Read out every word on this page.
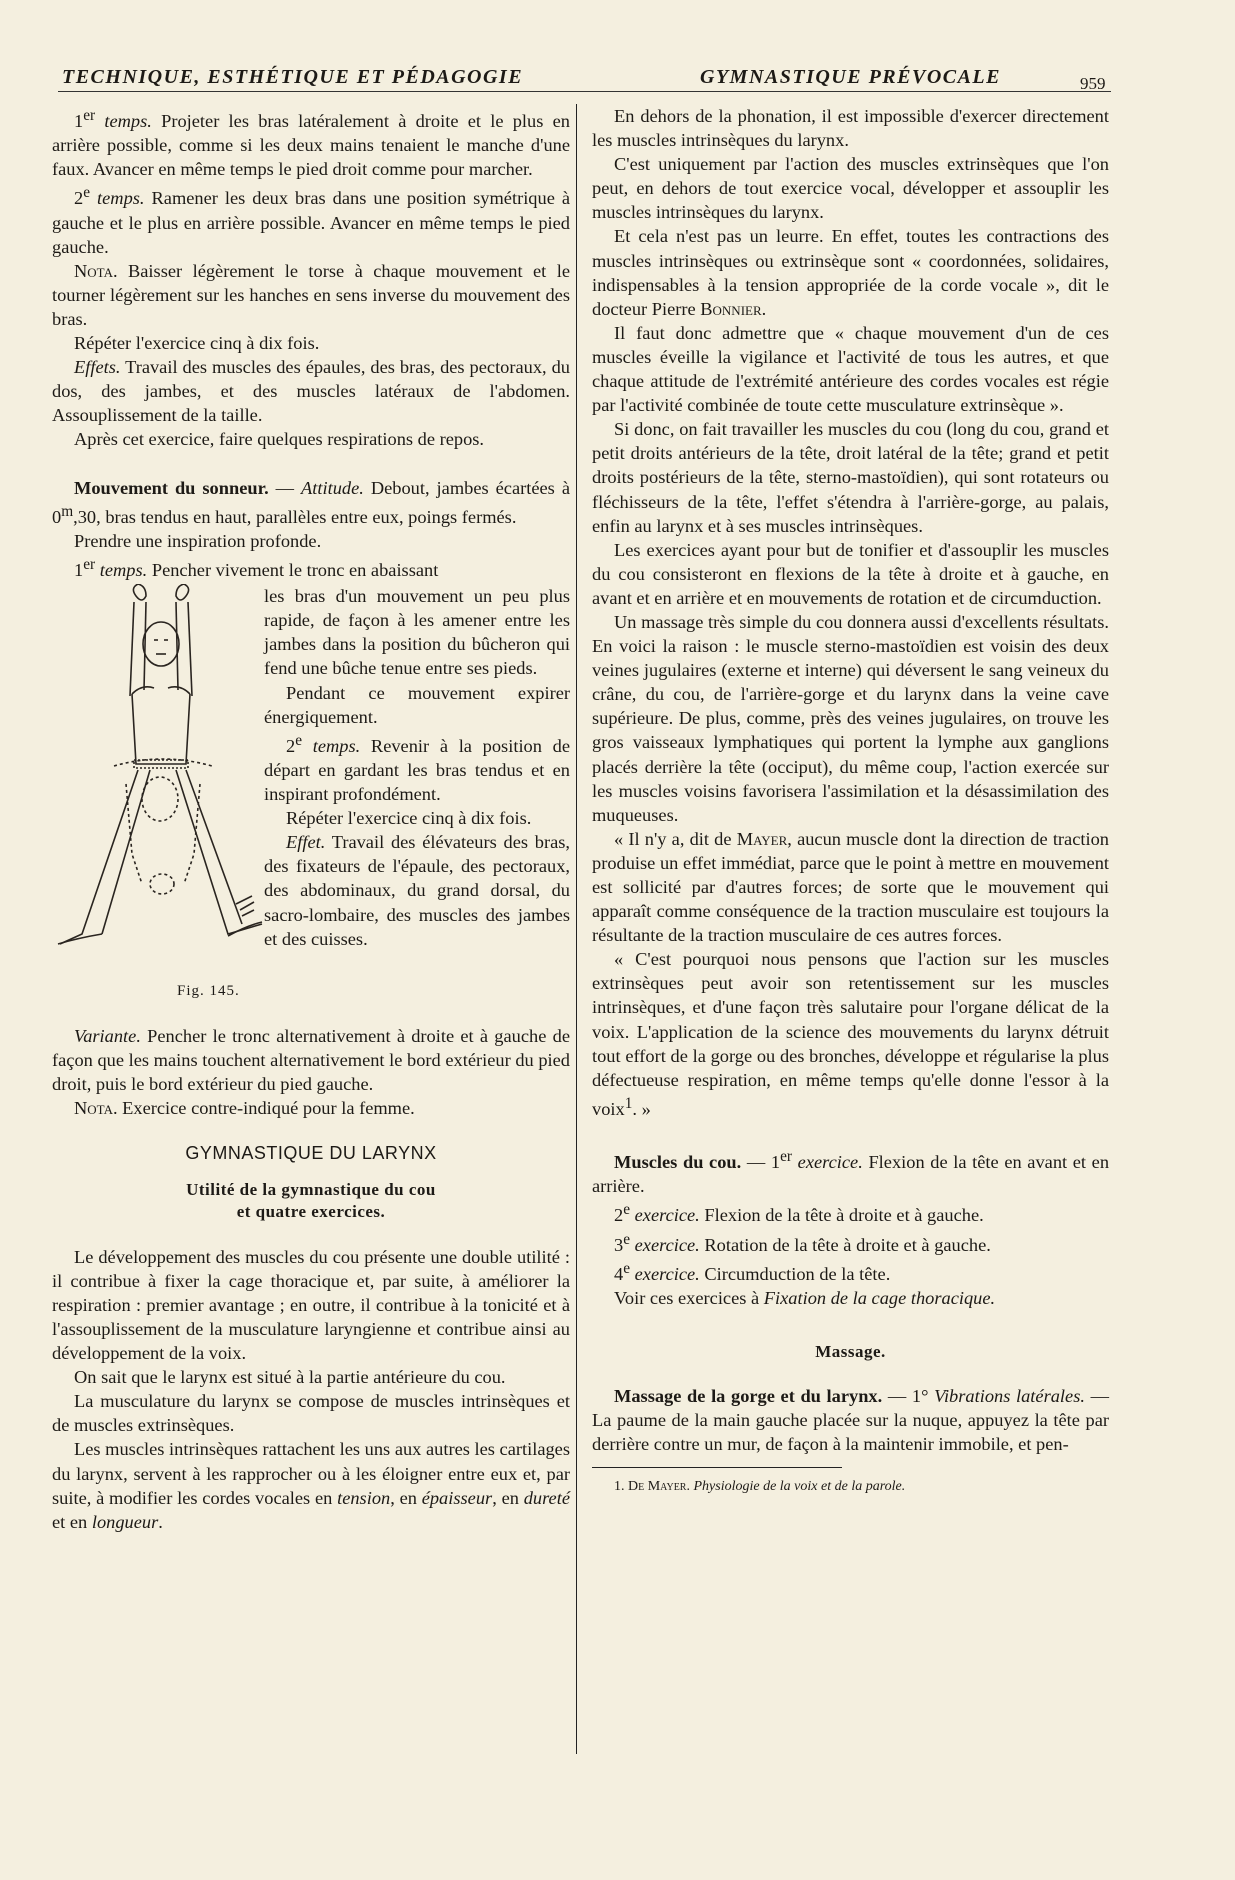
TECHNIQUE, ESTHÉTIQUE ET PÉDAGOGIE	GYMNASTIQUE PRÉVOCALE	959

1er temps. Projeter les bras latéralement à droite et le plus en arrière possible, comme si les deux mains tenaient le manche d'une faux. Avancer en même temps le pied droit comme pour marcher.

2e temps. Ramener les deux bras dans une position symétrique à gauche et le plus en arrière possible. Avancer en même temps le pied gauche.

Nota. Baisser légèrement le torse à chaque mouvement et le tourner légèrement sur les hanches en sens inverse du mouvement des bras.

Répéter l'exercice cinq à dix fois.

Effets. Travail des muscles des épaules, des bras, des pectoraux, du dos, des jambes, et des muscles latéraux de l'abdomen. Assouplissement de la taille.

Après cet exercice, faire quelques respirations de repos.

Mouvement du sonneur. — Attitude. Debout, jambes écartées à 0$^m$,30, bras tendus en haut, parallèles entre eux, poings fermés.

Prendre une inspiration profonde.

1er temps. Pencher vivement le tronc en abaissant

Fig. 145.

les bras d'un mouvement un peu plus rapide, de façon à les amener entre les jambes dans la position du bûcheron qui fend une bûche tenue entre ses pieds.

Pendant ce mouvement expirer énergiquement.

2e temps. Revenir à la position de départ en gardant les bras tendus et en inspirant profondément.

Répéter l'exercice cinq à dix fois.

Effet. Travail des élévateurs des bras, des fixateurs de l'épaule, des pectoraux, des abdominaux, du grand dorsal, du sacro-lombaire, des muscles des jambes et des cuisses.

Variante. Pencher le tronc alternativement à droite et à gauche de façon que les mains touchent alternativement le bord extérieur du pied droit, puis le bord extérieur du pied gauche.

Nota. Exercice contre-indiqué pour la femme.

GYMNASTIQUE DU LARYNX
Utilité de la gymnastique du cou
et quatre exercices.

Le développement des muscles du cou présente une double utilité : il contribue à fixer la cage thoracique et, par suite, à améliorer la respiration : premier avantage ; en outre, il contribue à la tonicité et à l'assouplissement de la musculature laryngienne et contribue ainsi au développement de la voix.

On sait que le larynx est situé à la partie antérieure du cou.

La musculature du larynx se compose de muscles intrinsèques et de muscles extrinsèques.

Les muscles intrinsèques rattachent les uns aux autres les cartilages du larynx, servent à les rapprocher ou à les éloigner entre eux et, par suite, à modifier les cordes vocales en tension, en épaisseur, en dureté et en longueur.

En dehors de la phonation, il est impossible d'exercer directement les muscles intrinsèques du larynx.

C'est uniquement par l'action des muscles extrinsèques que l'on peut, en dehors de tout exercice vocal, développer et assouplir les muscles intrinsèques du larynx.

Et cela n'est pas un leurre. En effet, toutes les contractions des muscles intrinsèques ou extrinsèque sont « coordonnées, solidaires, indispensables à la tension appropriée de la corde vocale », dit le docteur Pierre Bonnier.

Il faut donc admettre que « chaque mouvement d'un de ces muscles éveille la vigilance et l'activité de tous les autres, et que chaque attitude de l'extrémité antérieure des cordes vocales est régie par l'activité combinée de toute cette musculature extrinsèque ».

Si donc, on fait travailler les muscles du cou (long du cou, grand et petit droits antérieurs de la tête, droit latéral de la tête; grand et petit droits postérieurs de la tête, sterno-mastoïdien), qui sont rotateurs ou fléchisseurs de la tête, l'effet s'étendra à l'arrière-gorge, au palais, enfin au larynx et à ses muscles intrinsèques.

Les exercices ayant pour but de tonifier et d'assouplir les muscles du cou consisteront en flexions de la tête à droite et à gauche, en avant et en arrière et en mouvements de rotation et de circumduction.

Un massage très simple du cou donnera aussi d'excellents résultats. En voici la raison : le muscle sterno-mastoïdien est voisin des deux veines jugulaires (externe et interne) qui déversent le sang veineux du crâne, du cou, de l'arrière-gorge et du larynx dans la veine cave supérieure. De plus, comme, près des veines jugulaires, on trouve les gros vaisseaux lymphatiques qui portent la lymphe aux ganglions placés derrière la tête (occiput), du même coup, l'action exercée sur les muscles voisins favorisera l'assimilation et la désassimilation des muqueuses.

« Il n'y a, dit de Mayer, aucun muscle dont la direction de traction produise un effet immédiat, parce que le point à mettre en mouvement est sollicité par d'autres forces; de sorte que le mouvement qui apparaît comme conséquence de la traction musculaire est toujours la résultante de la traction musculaire de ces autres forces.

« C'est pourquoi nous pensons que l'action sur les muscles extrinsèques peut avoir son retentissement sur les muscles intrinsèques, et d'une façon très salutaire pour l'organe délicat de la voix. L'application de la science des mouvements du larynx détruit tout effort de la gorge ou des bronches, développe et régularise la plus défectueuse respiration, en même temps qu'elle donne l'essor à la voix$^1$. »

Muscles du cou. — 1er exercice. Flexion de la tête en avant et en arrière.

2e exercice. Flexion de la tête à droite et à gauche.

3e exercice. Rotation de la tête à droite et à gauche.

4e exercice. Circumduction de la tête.

Voir ces exercices à Fixation de la cage thoracique.

Massage.

Massage de la gorge et du larynx. — 1° Vibrations latérales. — La paume de la main gauche placée sur la nuque, appuyez la tête par derrière contre un mur, de façon à la maintenir immobile, et pen-

1. De Mayer. Physiologie de la voix et de la parole.
